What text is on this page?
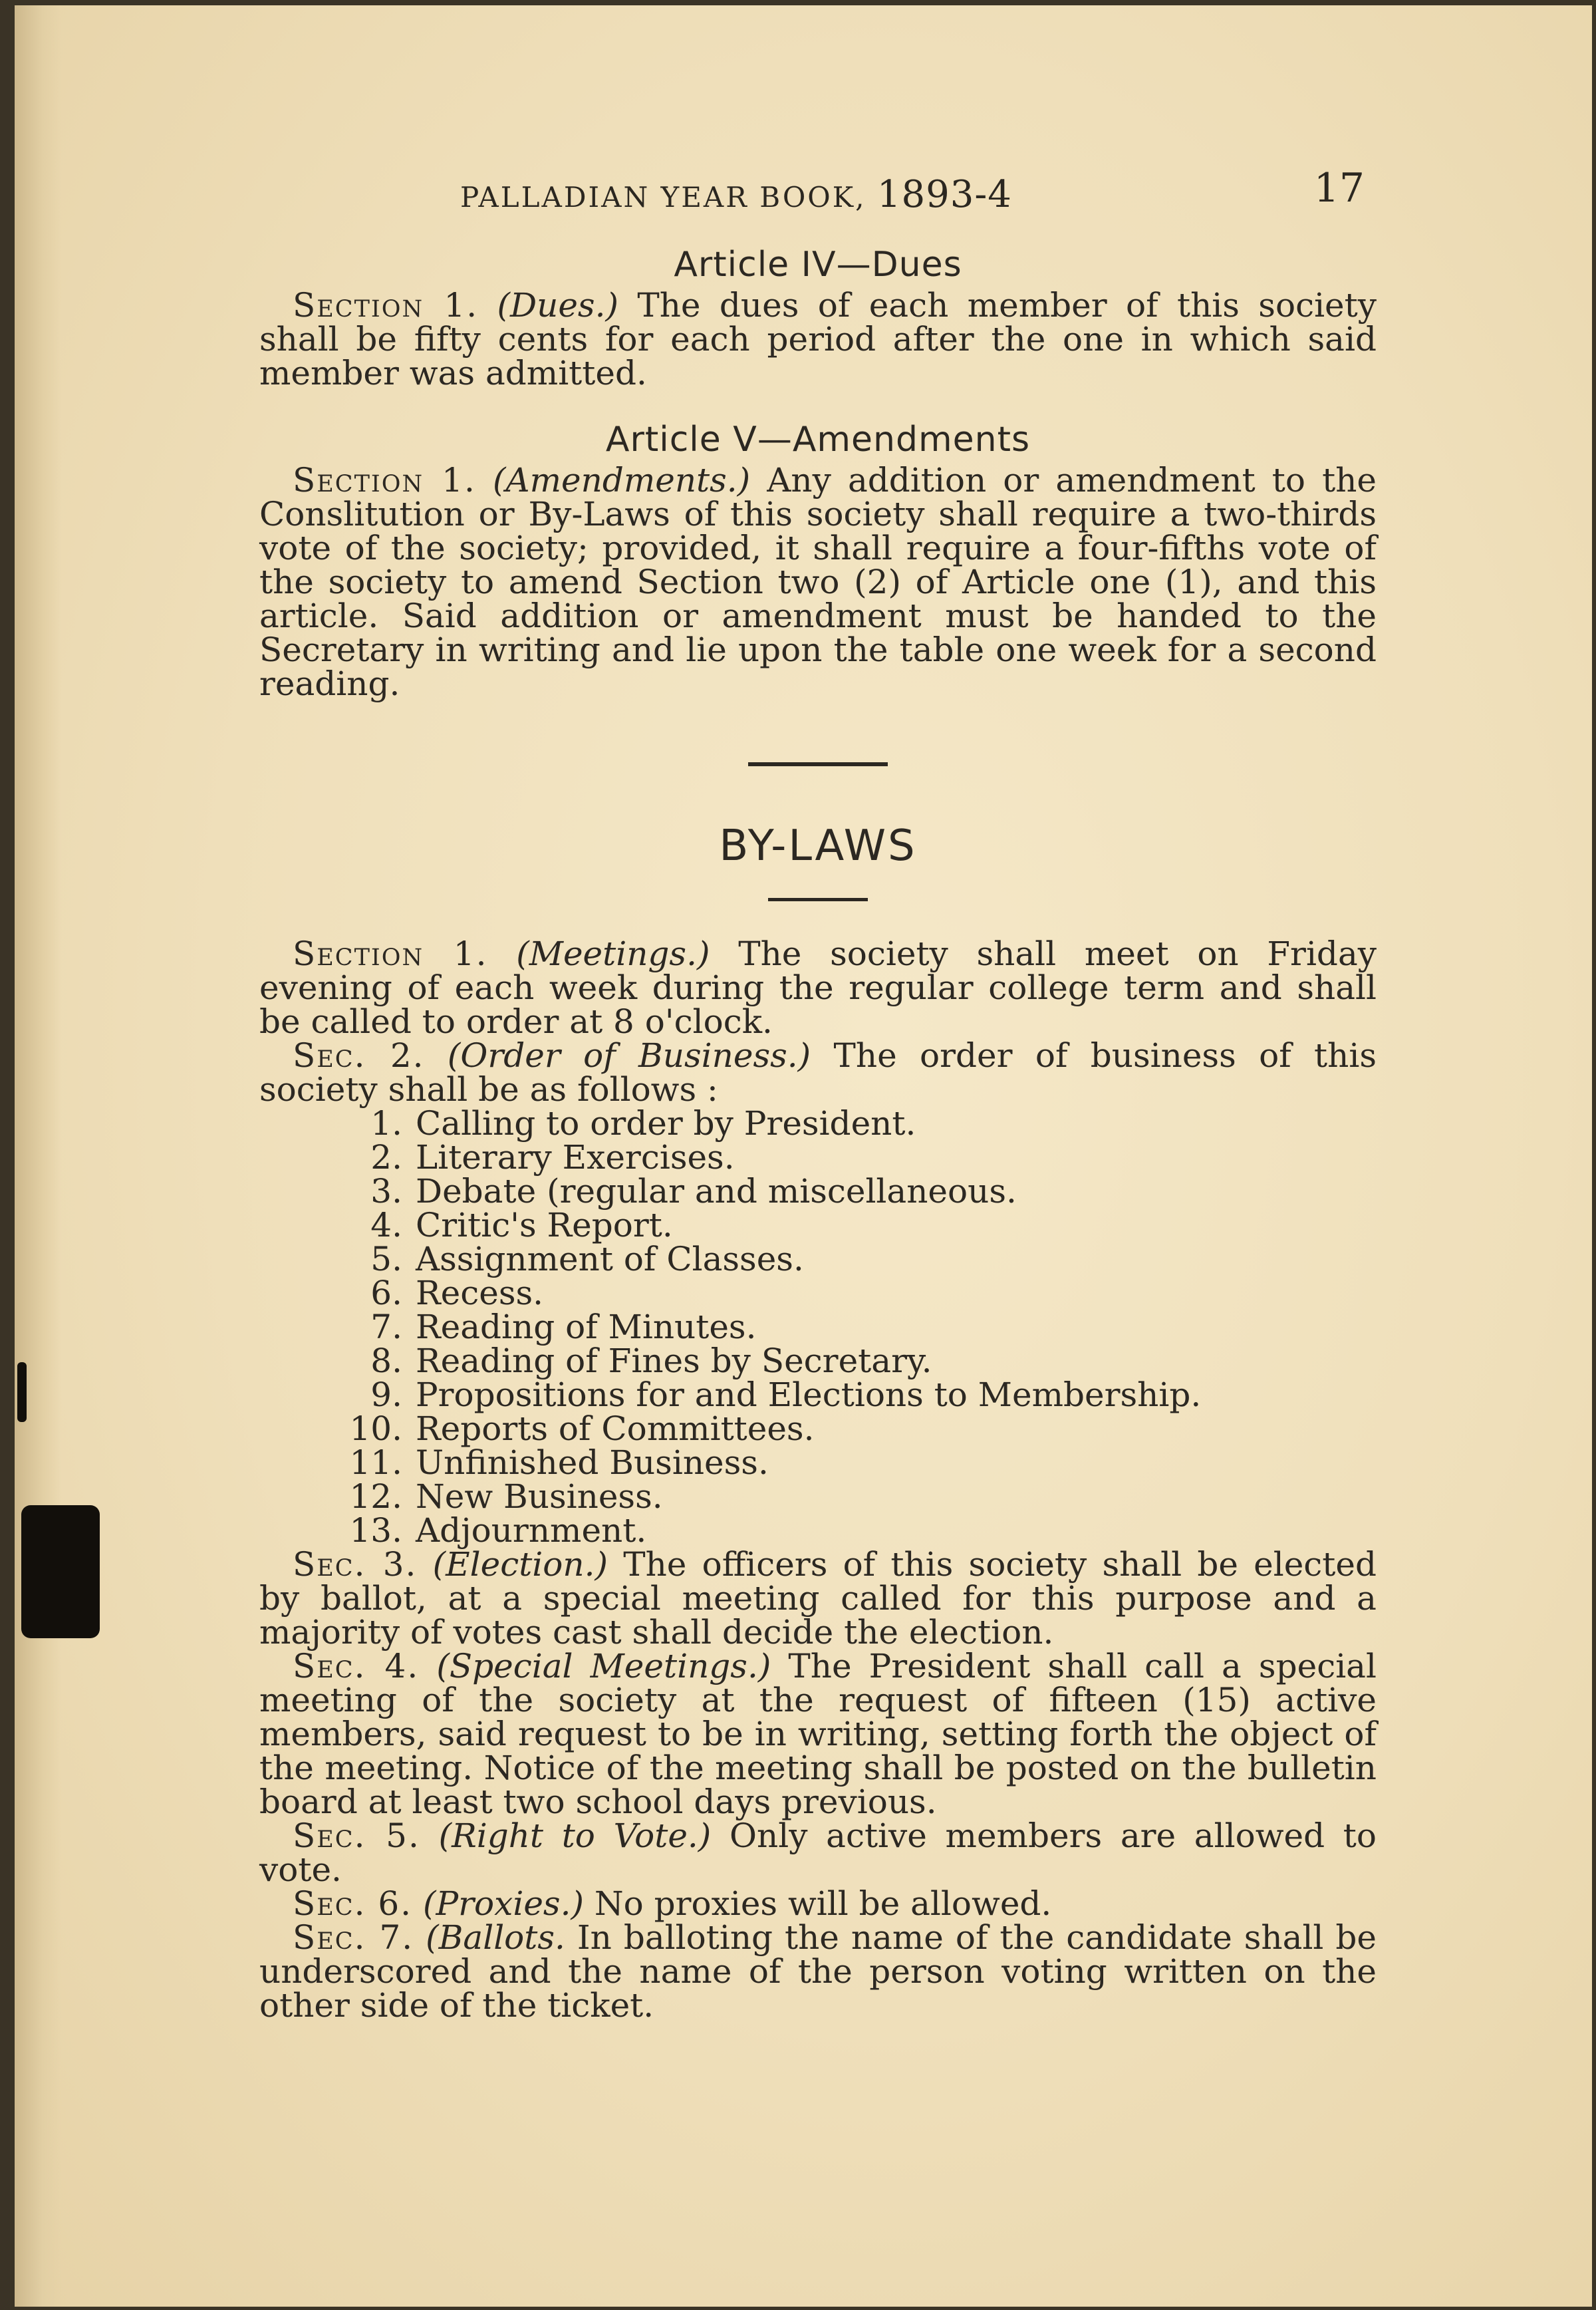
PALLADIAN YEAR BOOK, 1893-4	17
Article IV—Dues

Section 1. (Dues.) The dues of each member of this society shall be fifty cents for each period after the one in which said member was admitted.

Article V—Amendments

Section 1. (Amendments.) Any addition or amendment to the Conslitution or By-Laws of this society shall require a two-thirds vote of the society; provided, it shall require a four-fifths vote of the society to amend Section two (2) of Article one (1), and this article. Said addition or amendment must be handed to the Secretary in writing and lie upon the table one week for a second reading.

BY-LAWS

Section 1. (Meetings.) The society shall meet on Friday evening of each week during the regular college term and shall be called to order at 8 o'clock.

Sec. 2. (Order of Business.) The order of business of this society shall be as follows :

1. Calling to order by President.
2. Literary Exercises.
3. Debate (regular and miscellaneous.
4. Critic's Report.
5. Assignment of Classes.
6. Recess.
7. Reading of Minutes.
8. Reading of Fines by Secretary.
9. Propositions for and Elections to Membership.
10. Reports of Committees.
11. Unfinished Business.
12. New Business.
13. Adjournment.

Sec. 3. (Election.) The officers of this society shall be elected by ballot, at a special meeting called for this purpose and a majority of votes cast shall decide the election.

Sec. 4. (Special Meetings.) The President shall call a special meeting of the society at the request of fifteen (15) active members, said request to be in writing, setting forth the object of the meeting. Notice of the meeting shall be posted on the bulletin board at least two school days previous.

Sec. 5. (Right to Vote.) Only active members are allowed to vote.

Sec. 6. (Proxies.) No proxies will be allowed.

Sec. 7. (Ballots. In balloting the name of the candidate shall be underscored and the name of the person voting written on the other side of the ticket.
